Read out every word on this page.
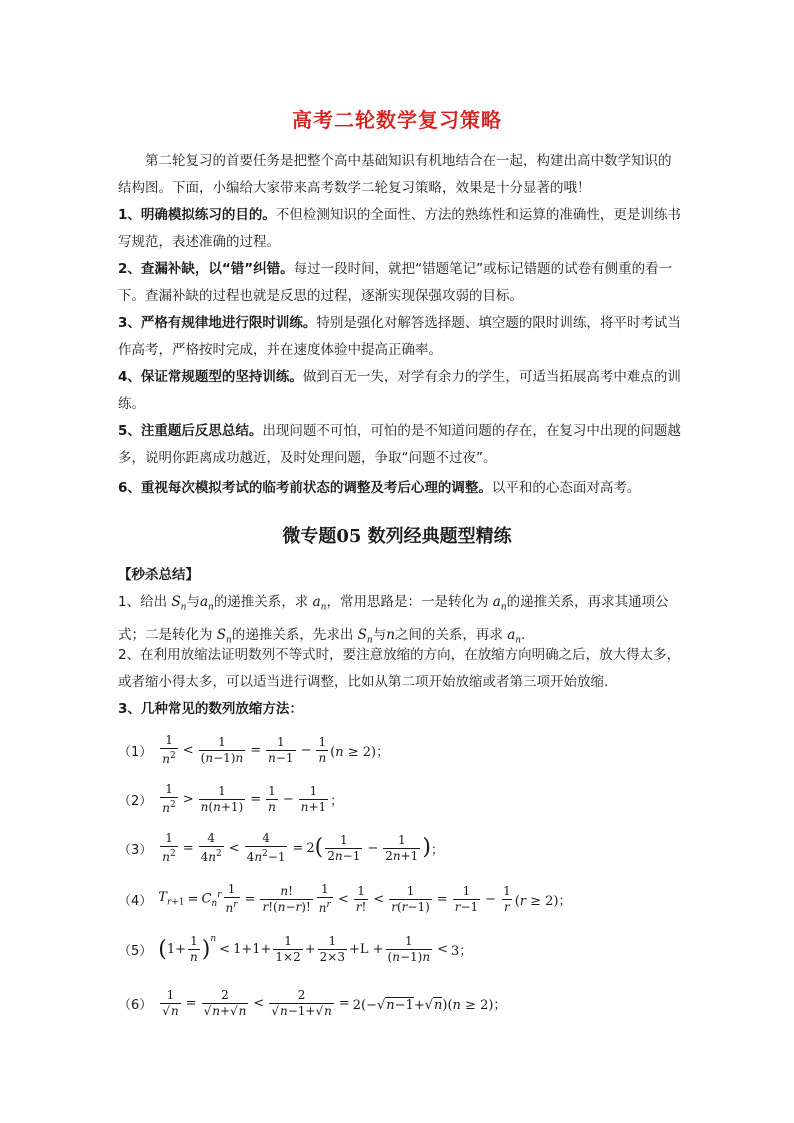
高考二轮数学复习策略
第二轮复习的首要任务是把整个高中基础知识有机地结合在一起，构建出高中数学知识的结构图。下面，小编给大家带来高考数学二轮复习策略，效果是十分显著的哦！
1、明确模拟练习的目的。不但检测知识的全面性、方法的熟练性和运算的准确性，更是训练书写规范，表述准确的过程。
2、查漏补缺，以“错”纠错。每过一段时间，就把“错题笔记”或标记错题的试卷有侧重的看一下。查漏补缺的过程也就是反思的过程，逐渐实现保强攻弱的目标。
3、严格有规律地进行限时训练。特别是强化对解答选择题、填空题的限时训练，将平时考试当作高考，严格按时完成，并在速度体验中提高正确率。
4、保证常规题型的坚持训练。做到百无一失，对学有余力的学生，可适当拓展高考中难点的训练。
5、注重题后反思总结。出现问题不可怕，可怕的是不知道问题的存在，在复习中出现的问题越多，说明你距离成功越近，及时处理问题，争取“问题不过夜”。
6、重视每次模拟考试的临考前状态的调整及考后心理的调整。以平和的心态面对高考。
微专题05 数列经典题型精练
【秒杀总结】
1、给出 $S_n$与$a_n$的递推关系，求 $a_n$，常用思路是：一是转化为 $a_n$的递推关系，再求其通项公式；二是转化为 $S_n$的递推关系，先求出 $S_n$与n之间的关系，再求 $a_n$.
2、在利用放缩法证明数列不等式时，要注意放缩的方向，在放缩方向明确之后，放大得太多，或者缩小得太多，可以适当进行调整，比如从第二项开始放缩或者第三项开始放缩.
3、几种常见的数列放缩方法：
$(1) \frac{1}{n^2} < \frac{1}{(n-1)n} = \frac{1}{n-1} - \frac{1}{n} (n \ge 2)$；
$(2) \frac{1}{n^2} > \frac{1}{n(n+1)} = \frac{1}{n} - \frac{1}{n+1}$ ；
$(3) \frac{1}{n^2} = \frac{4}{4n^2} < \frac{4}{4n^2-1} = 2$ ( $\frac{1}{2n-1} - \frac{1}{2n+1}$ ) ；
（4） $T_{r+1} = C_n^r \frac{1}{n^r} = \frac{n!}{r!(n-r)!} \frac{1}{n^r} < \frac{1}{r!} < \frac{1}{r(r-1)} = \frac{1}{r-1} - \frac{1}{r} (r \ge 2)$；
（5） ( $1+ \frac{1}{n}$ ) $^n$
< $1+1+ \frac{1}{1\times 2} + \frac{1}{2\times 3} +L + \frac{1}{(n-1)n} < 3$；
$(6) \frac{1}{√n} = \frac{2}{√n+√n} < \frac{2}{√n-1+√n} = 2(-√n-1+√n)(n \ge 2)$；
